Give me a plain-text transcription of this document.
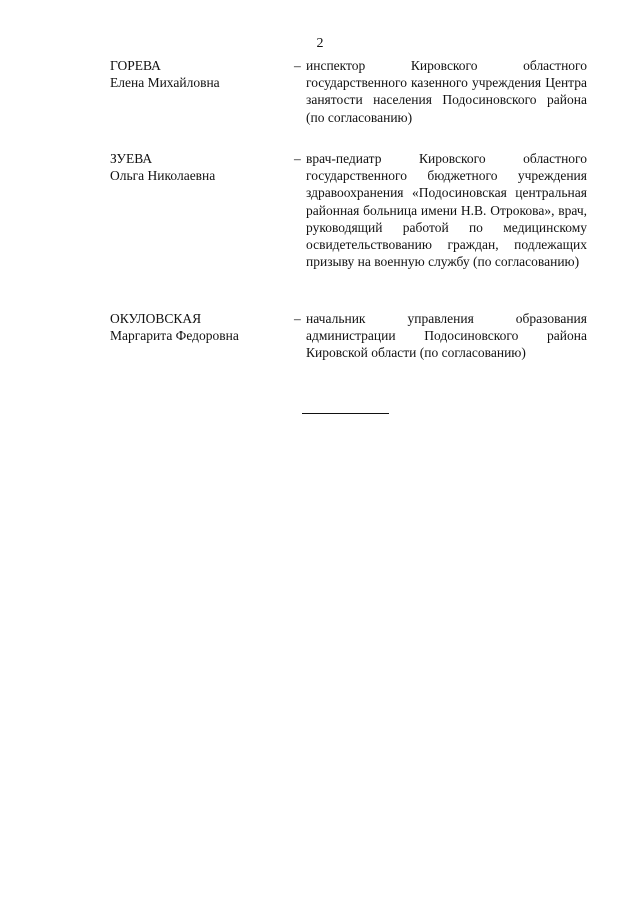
2
ГОРЕВА
Елена Михайловна
– инспектор Кировского областного государственного казенного учреждения Центра занятости населения Подосиновского района (по согласованию)
ЗУЕВА
Ольга Николаевна
– врач-педиатр Кировского областного государственного бюджетного учреждения здравоохранения «Подосиновская центральная районная больница имени Н.В. Отрокова», врач, руководящий работой по медицинскому освидетельствованию граждан, подлежащих призыву на военную службу (по согласованию)
ОКУЛОВСКАЯ
Маргарита Федоровна
– начальник управления образования администрации Подосиновского района Кировской области (по согласованию)
